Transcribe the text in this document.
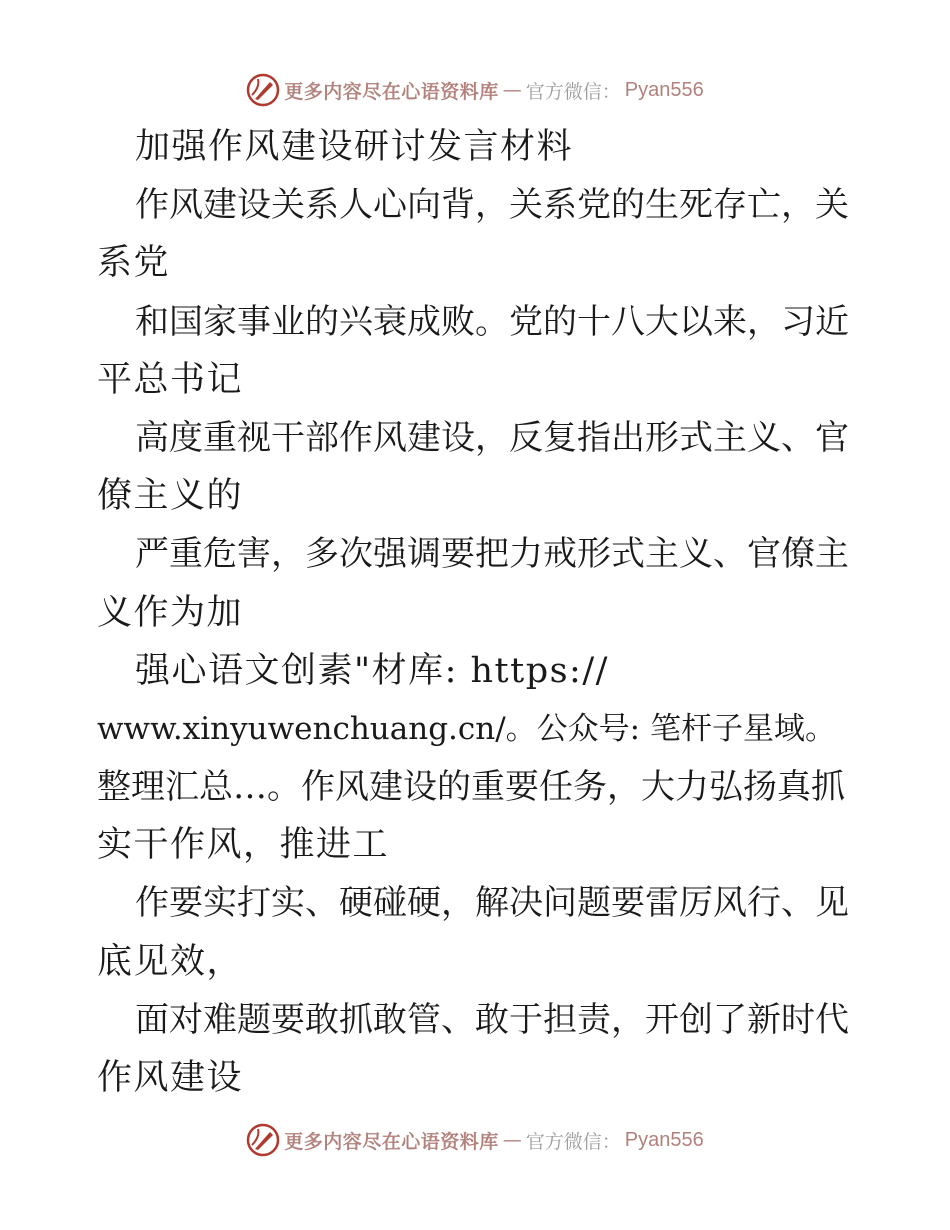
更多内容尽在心语资料库 — 官方微信： Pyan556
加强作风建设研讨发言材料
作风建设关系人心向背，关系党的生死存亡，关
系党
和国家事业的兴衰成败。党的十八大以来，习近
平总书记
高度重视干部作风建设，反复指出形式主义、官
僚主义的
严重危害，多次强调要把力戒形式主义、官僚主
义作为加
强心语文创素"材库: https://
www.xinyuwenchuang.cn/。公众号: 笔杆子星域。
整理汇总…。作风建设的重要任务，大力弘扬真抓
实干作风，推进工
作要实打实、硬碰硬，解决问题要雷厉风行、见
底见效，
面对难题要敢抓敢管、敢于担责，开创了新时代
作风建设
更多内容尽在心语资料库 — 官方微信： Pyan556
